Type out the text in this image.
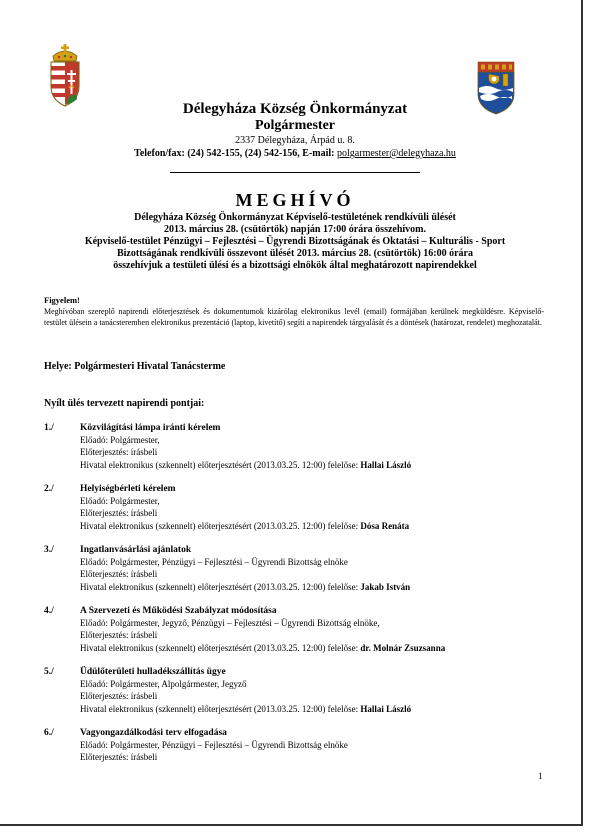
Délegyháza Község Önkormányzat
Polgármester
2337 Délegyháza, Árpád u. 8.
Telefon/fax: (24) 542-155, (24) 542-156, E-mail: polgarmester@delegyhaza.hu
MEGHÍVÓ
Délegyháza Község Önkormányzat Képviselő-testületének rendkívüli ülését
2013. március 28. (csütörtök) napján 17:00 órára összehívom.
Képviselő-testület Pénzügyi – Fejlesztési – Ügyrendi Bizottságának és Oktatási – Kulturális - Sport
Bizottságának rendkívüli összevont ülését 2013. március 28. (csütörtök) 16:00 órára
összehívjuk a testületi ülési és a bizottsági elnökök által meghatározott napirendekkel
Figyelem!
Meghívóban szereplő napirendi előterjesztések és dokumentumok kizárólag elektronikus levél (email) formájában kerülnek megküldésre. Képviselő-testület ülésein a tanácsteremben elektronikus prezentáció (laptop, kivetítő) segíti a napirendek tárgyalását és a döntések (határozat, rendelet) meghozatalát.
Helye: Polgármesteri Hivatal Tanácsterme
Nyílt ülés tervezett napirendi pontjai:
1./	Közvilágítási lámpa iránti kérelem
Előadó: Polgármester,
Előterjesztés: írásbeli
Hivatal elektronikus (szkennelt) előterjesztésért (2013.03.25. 12:00) felelőse: Hallai László
2./	Helyiségbérleti kérelem
Előadó: Polgármester,
Előterjesztés: írásbeli
Hivatal elektronikus (szkennelt) előterjesztésért (2013.03.25. 12:00) felelőse: Dósa Renáta
3./	Ingatlanvásárlási ajánlatok
Előadó: Polgármester, Pénzügyi – Fejlesztési – Ügyrendi Bizottság elnöke
Előterjesztés: írásbeli
Hivatal elektronikus (szkennelt) előterjesztésért (2013.03.25. 12:00) felelőse: Jakab István
4./	A Szervezeti és Működési Szabályzat módosítása
Előadó: Polgármester, Jegyző, Pénzügyi – Fejlesztési – Ügyrendi Bizottság elnöke,
Előterjesztés: írásbeli
Hivatal elektronikus (szkennelt) előterjesztésért (2013.03.25. 12:00) felelőse: dr. Molnár Zsuzsanna
5./	Üdülőterületi hulladékszállítás ügye
Előadó: Polgármester, Alpolgármester, Jegyző
Előterjesztés: írásbeli
Hivatal elektronikus (szkennelt) előterjesztésért (2013.03.25. 12:00) felelőse: Hallai László
6./	Vagyongazdálkodási terv elfogadása
Előadó: Polgármester, Pénzügyi – Fejlesztési – Ügyrendi Bizottság elnöke
Előterjesztés: írásbeli
1
